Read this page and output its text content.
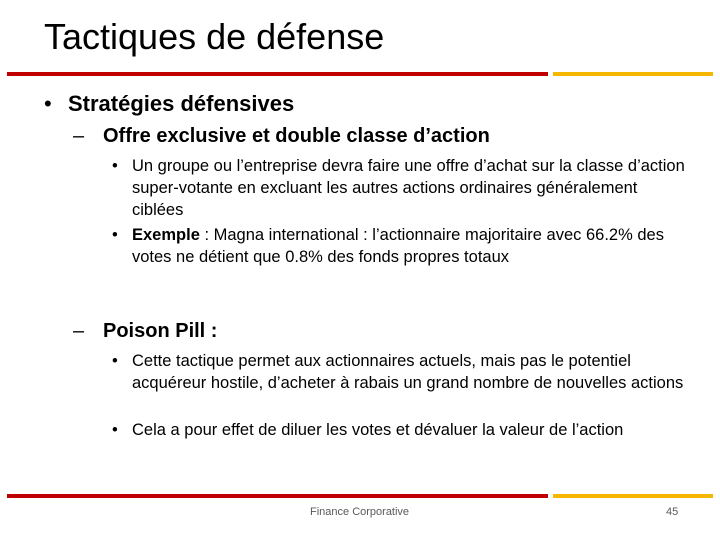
Tactiques de défense
• Stratégies défensives
– Offre exclusive et double classe d’action
• Un groupe ou l’entreprise devra faire une offre d’achat sur la classe d’action super-votante en excluant les autres actions ordinaires généralement ciblées
• Exemple : Magna international : l’actionnaire majoritaire avec 66.2% des votes ne détient que 0.8% des fonds propres totaux
– Poison Pill :
• Cette tactique permet aux actionnaires actuels, mais pas le potentiel acquéreur hostile, d’acheter à rabais un grand nombre de nouvelles actions
• Cela a pour effet de diluer les votes et dévaluer la valeur de l’action
Finance Corporative	45
